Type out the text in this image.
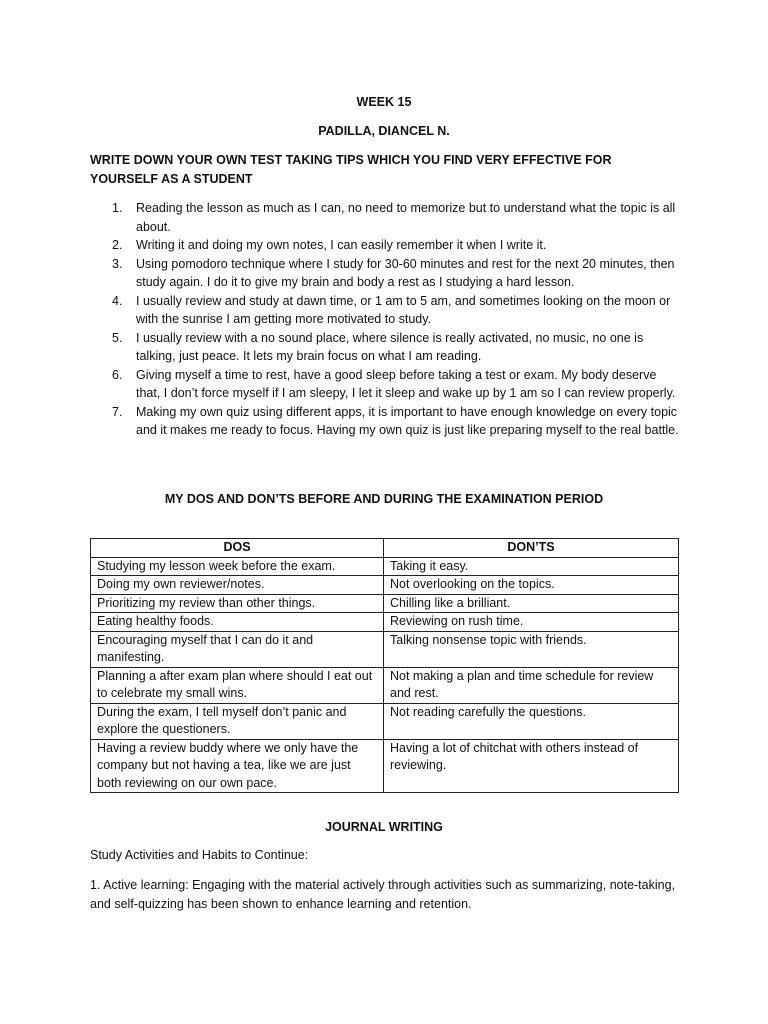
WEEK 15
PADILLA, DIANCEL N.
WRITE DOWN YOUR OWN TEST TAKING TIPS WHICH YOU FIND VERY EFFECTIVE FOR YOURSELF AS A STUDENT
1. Reading the lesson as much as I can, no need to memorize but to understand what the topic is all about.
2. Writing it and doing my own notes, I can easily remember it when I write it.
3. Using pomodoro technique where I study for 30-60 minutes and rest for the next 20 minutes, then study again. I do it to give my brain and body a rest as I studying a hard lesson.
4. I usually review and study at dawn time, or 1 am to 5 am, and sometimes looking on the moon or with the sunrise I am getting more motivated to study.
5. I usually review with a no sound place, where silence is really activated, no music, no one is talking, just peace. It lets my brain focus on what I am reading.
6. Giving myself a time to rest, have a good sleep before taking a test or exam. My body deserve that, I don’t force myself if I am sleepy, I let it sleep and wake up by 1 am so I can review properly.
7. Making my own quiz using different apps, it is important to have enough knowledge on every topic and it makes me ready to focus. Having my own quiz is just like preparing myself to the real battle.
MY DOS AND DON’TS BEFORE AND DURING THE EXAMINATION PERIOD
DOS	DON’TS
Studying my lesson week before the exam.	Taking it easy.
Doing my own reviewer/notes.	Not overlooking on the topics.
Prioritizing my review than other things.	Chilling like a brilliant.
Eating healthy foods.	Reviewing on rush time.
Encouraging myself that I can do it and manifesting.	Talking nonsense topic with friends.
Planning a after exam plan where should I eat out to celebrate my small wins.	Not making a plan and time schedule for review and rest.
During the exam, I tell myself don’t panic and explore the questioners.	Not reading carefully the questions.
Having a review buddy where we only have the company but not having a tea, like we are just both reviewing on our own pace.	Having a lot of chitchat with others instead of reviewing.
JOURNAL WRITING
Study Activities and Habits to Continue:
1. Active learning: Engaging with the material actively through activities such as summarizing, note-taking, and self-quizzing has been shown to enhance learning and retention.
